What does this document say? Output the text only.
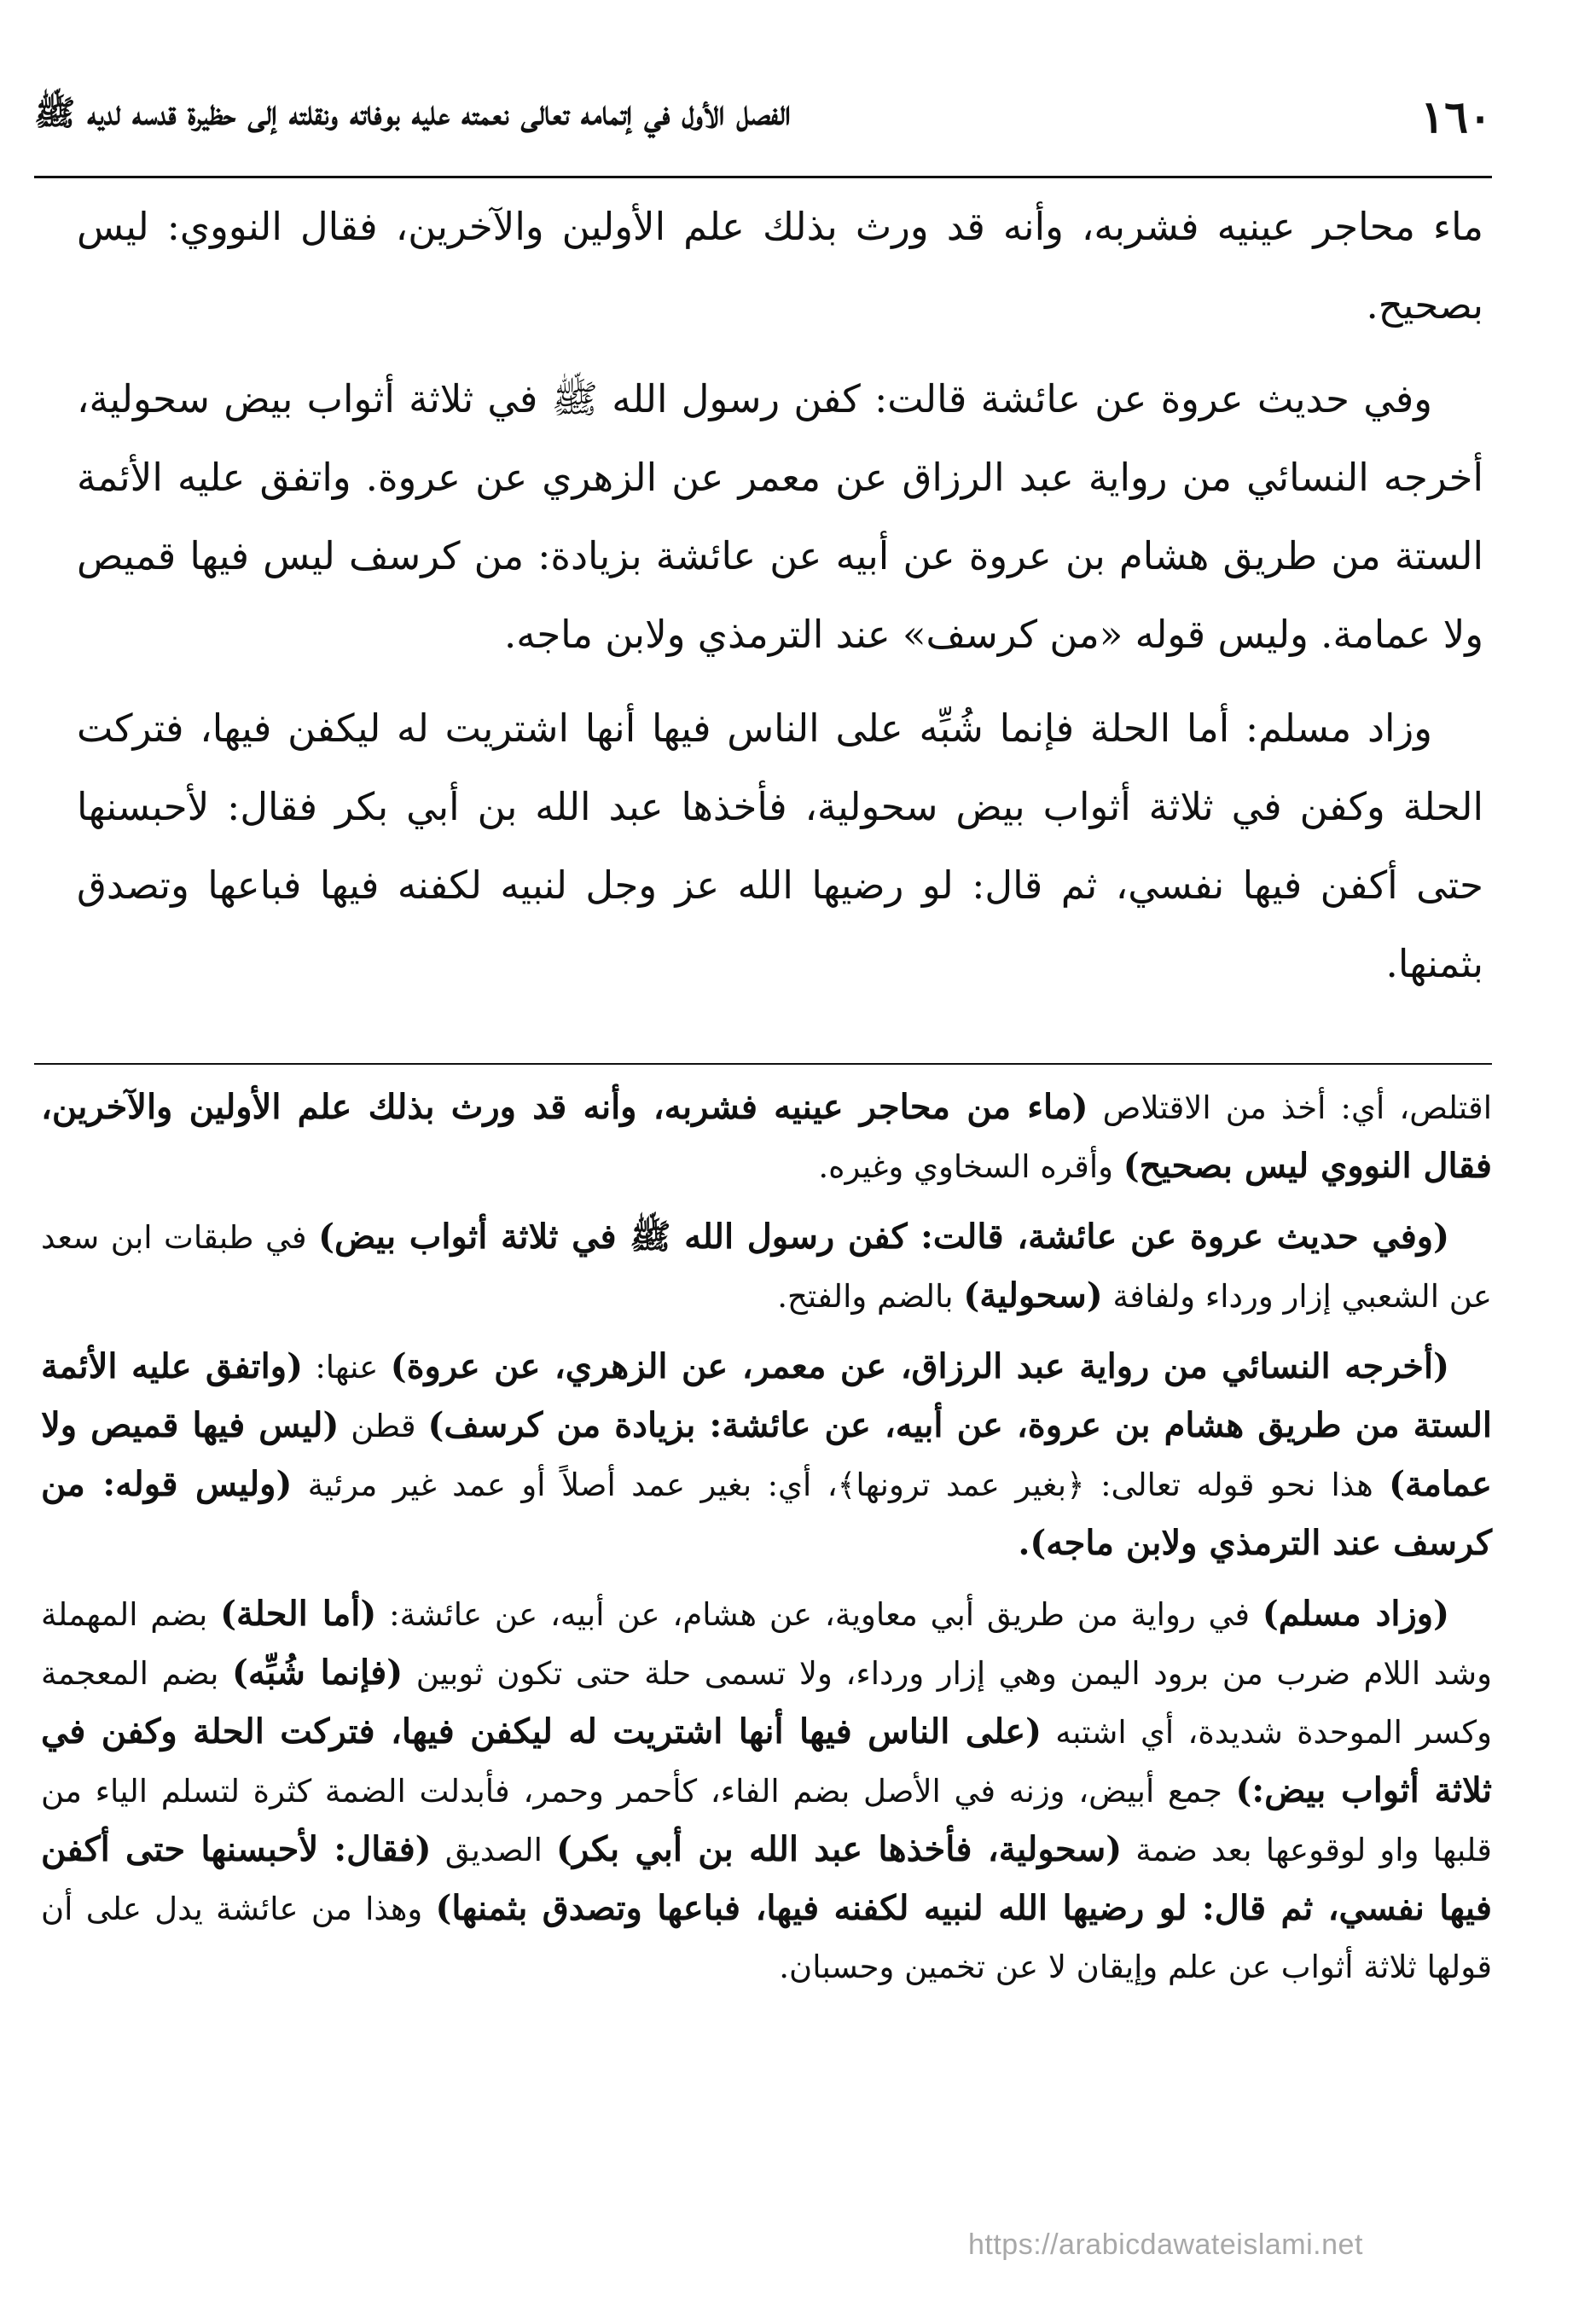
١٦٠
الفصل الأول في إتمامه تعالى نعمته عليه بوفاته ونقلته إلى حظيرة قدسه لديه ﷺ

ماء محاجر عينيه فشربه، وأنه قد ورث بذلك علم الأولين والآخرين، فقال النووي: ليس بصحيح.

وفي حديث عروة عن عائشة قالت: كفن رسول الله ﷺ في ثلاثة أثواب بيض سحولية، أخرجه النسائي من رواية عبد الرزاق عن معمر عن الزهري عن عروة. واتفق عليه الأئمة الستة من طريق هشام بن عروة عن أبيه عن عائشة بزيادة: من كرسف ليس فيها قميص ولا عمامة. وليس قوله «من كرسف» عند الترمذي ولابن ماجه.

وزاد مسلم: أما الحلة فإنما شُبِّه على الناس فيها أنها اشتريت له ليكفن فيها، فتركت الحلة وكفن في ثلاثة أثواب بيض سحولية، فأخذها عبد الله بن أبي بكر فقال: لأحبسنها حتى أكفن فيها نفسي، ثم قال: لو رضيها الله عز وجل لنبيه لكفنه فيها فباعها وتصدق بثمنها.

اقتلص، أي: أخذ من الاقتلاص (ماء من محاجر عينيه فشربه، وأنه قد ورث بذلك علم الأولين والآخرين، فقال النووي ليس بصحيح) وأقره السخاوي وغيره.

(وفي حديث عروة عن عائشة، قالت: كفن رسول الله ﷺ في ثلاثة أثواب بيض) في طبقات ابن سعد عن الشعبي إزار ورداء ولفافة (سحولية) بالضم والفتح.

(أخرجه النسائي من رواية عبد الرزاق، عن معمر، عن الزهري، عن عروة) عنها: (واتفق عليه الأئمة الستة من طريق هشام بن عروة، عن أبيه، عن عائشة: بزيادة من كرسف) قطن (ليس فيها قميص ولا عمامة) هذا نحو قوله تعالى: ﴿بغير عمد ترونها﴾، أي: بغير عمد أصلاً أو عمد غير مرئية (وليس قوله: من كرسف عند الترمذي ولابن ماجه).

(وزاد مسلم) في رواية من طريق أبي معاوية، عن هشام، عن أبيه، عن عائشة: (أما الحلة) بضم المهملة وشد اللام ضرب من برود اليمن وهي إزار ورداء، ولا تسمى حلة حتى تكون ثوبين (فإنما شُبِّه) بضم المعجمة وكسر الموحدة شديدة، أي اشتبه (على الناس فيها أنها اشتريت له ليكفن فيها، فتركت الحلة وكفن في ثلاثة أثواب بيض:) جمع أبيض، وزنه في الأصل بضم الفاء، كأحمر وحمر، فأبدلت الضمة كثرة لتسلم الياء من قلبها واو لوقوعها بعد ضمة (سحولية، فأخذها عبد الله بن أبي بكر) الصديق (فقال: لأحبسنها حتى أكفن فيها نفسي، ثم قال: لو رضيها الله لنبيه لكفنه فيها، فباعها وتصدق بثمنها) وهذا من عائشة يدل على أن قولها ثلاثة أثواب عن علم وإيقان لا عن تخمين وحسبان.

https://arabicdawateislami.net
